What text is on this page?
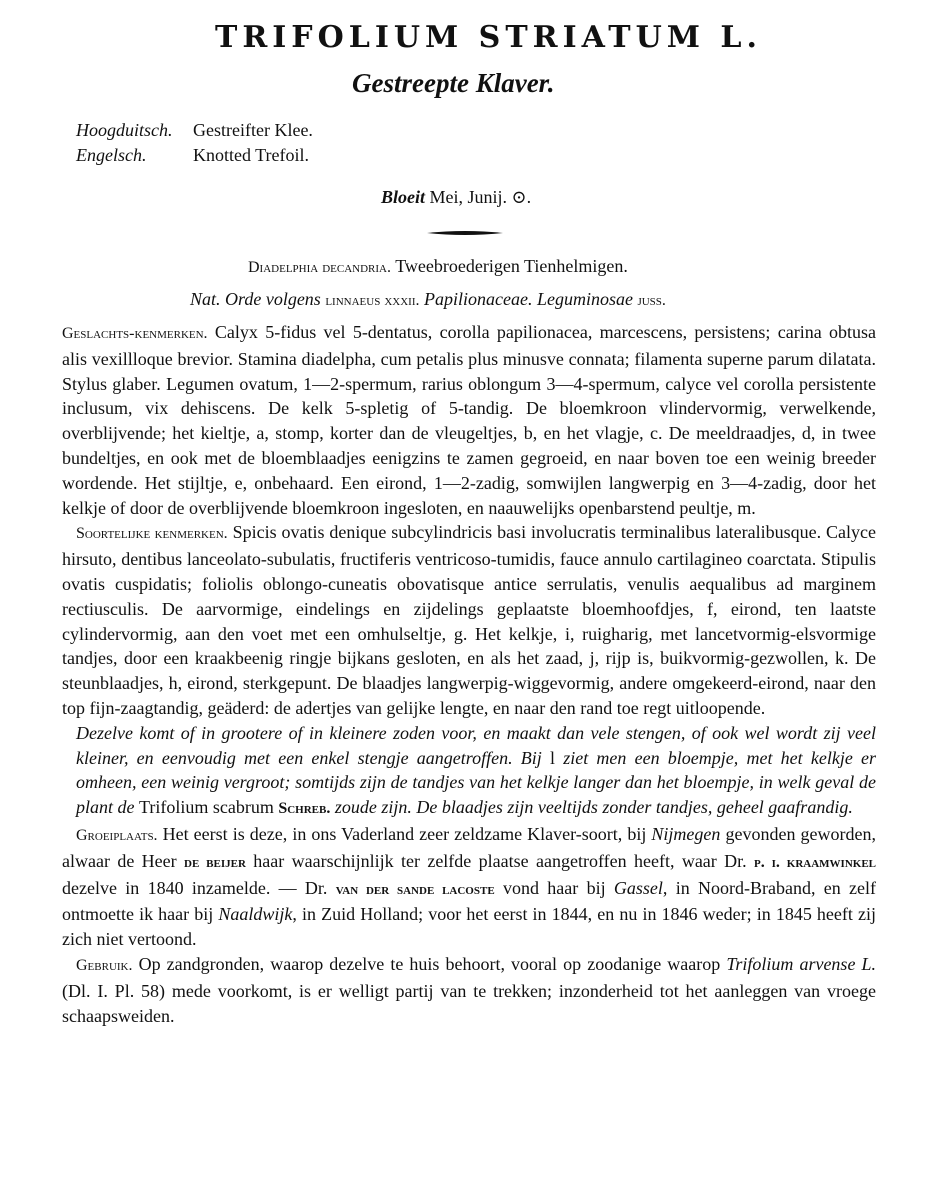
TRIFOLIUM STRIATUM L.
Gestreepte Klaver.
Hoogduitsch. Gestreifter Klee.
Engelsch.	Knotted Trefoil.
Bloeit Mei, Junij. ⊙.
Diadelphia decandria. Tweebroederigen Tienhelmigen.
Nat. Orde volgens linnaeus xxxii. Papilionaceae. Leguminosae juss.

Geslachts-kenmerken. Calyx 5-fidus vel 5-dentatus, corolla papilionacea, marcescens, persistens; carina obtusa alis vexillloque brevior. Stamina diadelpha, cum petalis plus minusve connata; filamenta superne parum dilatata. Stylus glaber. Legumen ovatum, 1—2-spermum, rarius oblongum 3—4-spermum, calyce vel corolla persistente inclusum, vix dehiscens. De kelk 5-spletig of 5-tandig. De bloemkroon vlindervormig, verwelkende, overblijvende; het kieltje, a, stomp, korter dan de vleugeltjes, b, en het vlagje, c. De meeldraadjes, d, in twee bundeltjes, en ook met de bloemblaadjes eenigzins te zamen gegroeid, en naar boven toe een weinig breeder wordende. Het stijltje, e, onbehaard. Een eirond, 1—2-zadig, somwijlen langwerpig en 3—4-zadig, door het kelkje of door de overblijvende bloemkroon ingesloten, en naauwelijks openbarstend peultje, m.

Soortelijke kenmerken. Spicis ovatis denique subcylindricis basi involucratis terminalibus lateralibusque. Calyce hirsuto, dentibus lanceolato-subulatis, fructiferis ventricoso-tumidis, fauce annulo cartilagineo coarctata. Stipulis ovatis cuspidatis; foliolis oblongo-cuneatis obovatisque antice serrulatis, venulis aequalibus ad marginem rectiusculis. De aarvormige, eindelings en zijdelings geplaatste bloemhoofdjes, f, eirond, ten laatste cylindervormig, aan den voet met een omhulseltje, g. Het kelkje, i, ruigharig, met lancetvormig-elsvormige tandjes, door een kraakbeenig ringje bijkans gesloten, en als het zaad, j, rijp is, buikvormig-gezwollen, k. De steunblaadjes, h, eirond, sterkgepunt. De blaadjes langwerpig-wiggevormig, andere omgekeerd-eirond, naar den top fijn-zaagtandig, geäderd: de adertjes van gelijke lengte, en naar den rand toe regt uitloopende.

Dezelve komt of in grootere of in kleinere zoden voor, en maakt dan vele stengen, of ook wel wordt zij veel kleiner, en eenvoudig met een enkel stengje aangetroffen. Bij l ziet men een bloempje, met het kelkje er omheen, een weinig vergroot; somtijds zijn de tandjes van het kelkje langer dan het bloempje, in welk geval de plant de Trifolium scabrum Schreb. zoude zijn. De blaadjes zijn veeltijds zonder tandjes, geheel gaafrandig.

Groeiplaats. Het eerst is deze, in ons Vaderland zeer zeldzame Klaver-soort, bij Nijmegen gevonden geworden, alwaar de Heer de beijer haar waarschijnlijk ter zelfde plaatse aangetroffen heeft, waar Dr. p. i. kraamwinkel dezelve in 1840 inzamelde. — Dr. van der sande lacoste vond haar bij Gassel, in Noord-Braband, en zelf ontmoette ik haar bij Naaldwijk, in Zuid Holland; voor het eerst in 1844, en nu in 1846 weder; in 1845 heeft zij zich niet vertoond.

Gebruik. Op zandgronden, waarop dezelve te huis behoort, vooral op zoodanige waarop Trifolium arvense L. (Dl. I. Pl. 58) mede voorkomt, is er welligt partij van te trekken; inzonderheid tot het aanleggen van vroege schaapsweiden.
